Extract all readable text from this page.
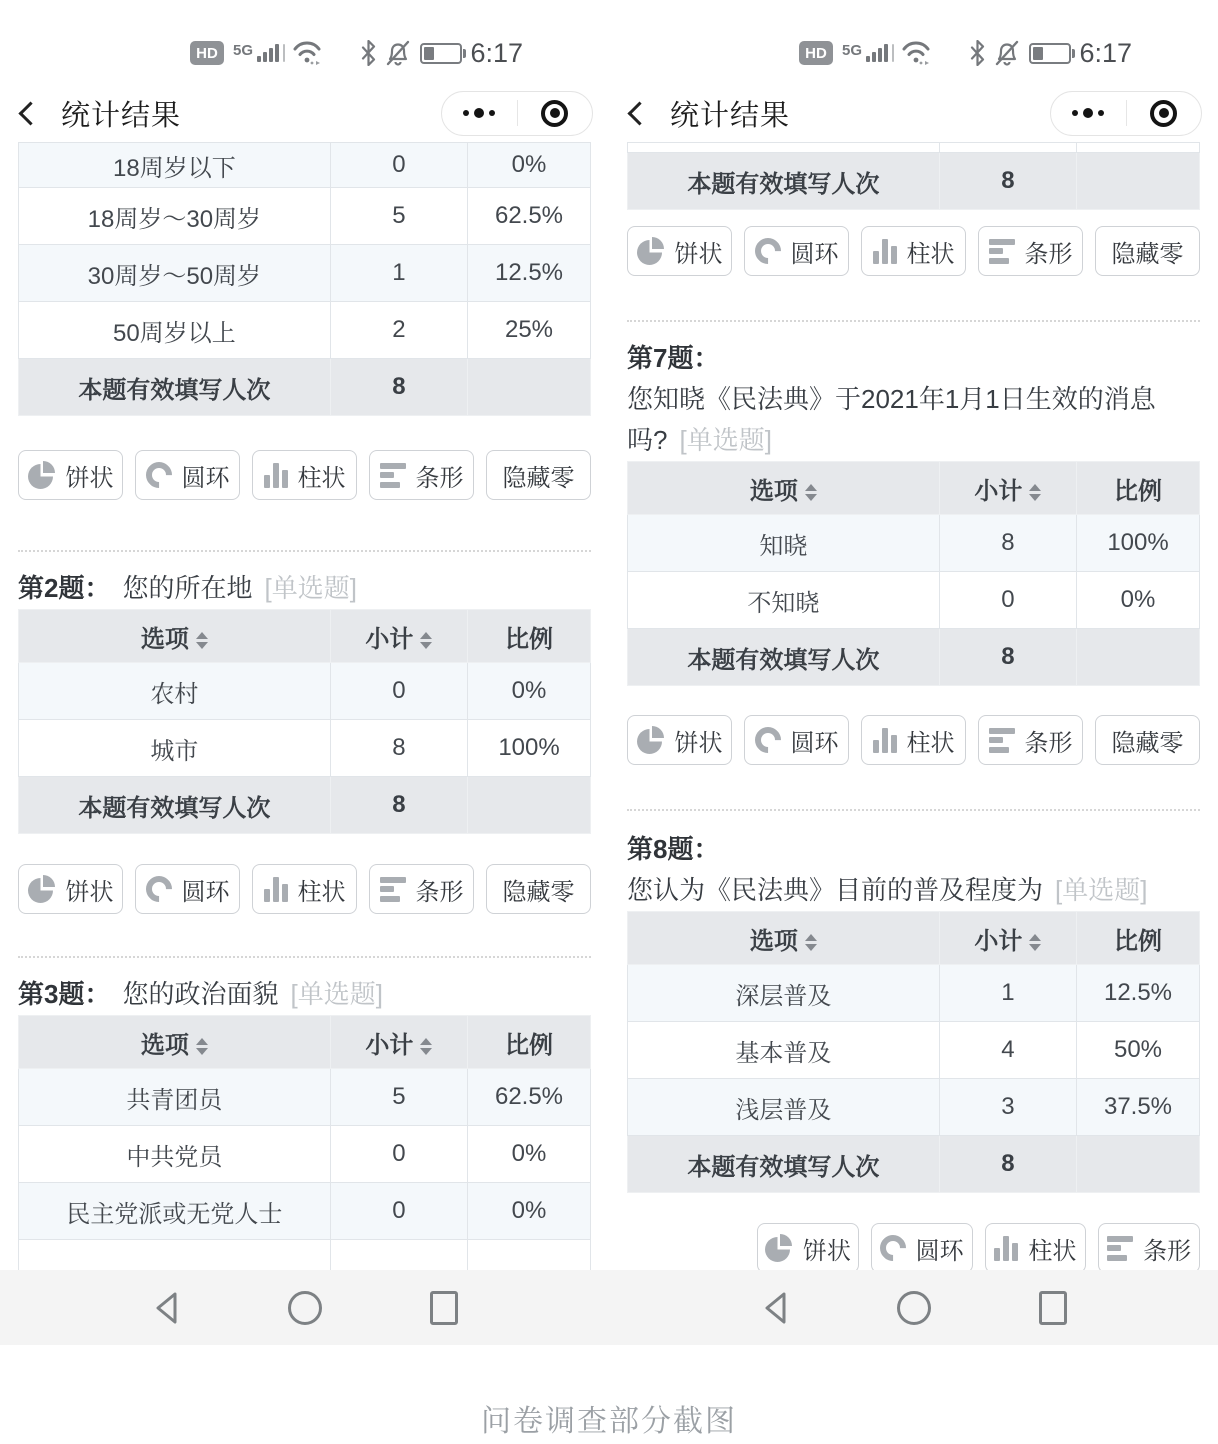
HD	5G	6:17
统计结果
18周岁以下	0	0%
18周岁～30周岁	5	62.5%
30周岁～50周岁	1	12.5%
50周岁以上	2	25%
本题有效填写人次	8	
饼状	圆环	柱状	条形 隐藏零
第2题： 您的所在地 [单选题]
选项	小计	比例
农村	0	0%
城市	8	100%
本题有效填写人次	8	
饼状	圆环	柱状	条形 隐藏零
第3题： 您的政治面貌 [单选题]
选项	小计	比例
共青团员	5	62.5%
中共党员	0	0%
民主党派或无党人士	0	0%

HD	5G	6:17
统计结果

本题有效填写人次	8	
饼状	圆环	柱状	条形 隐藏零
第7题：您知晓《民法典》于2021年1月1日生效的消息吗? [单选题]
选项	小计	比例
知晓	8	100%
不知晓	0	0%
本题有效填写人次	8	
饼状	圆环	柱状	条形 隐藏零
第8题：您认为《民法典》目前的普及程度为 [单选题]
选项	小计	比例
深层普及	1	12.5%
基本普及	4	50%
浅层普及	3	37.5%
本题有效填写人次	8	
饼状	圆环	柱状	条形
问卷调查部分截图
